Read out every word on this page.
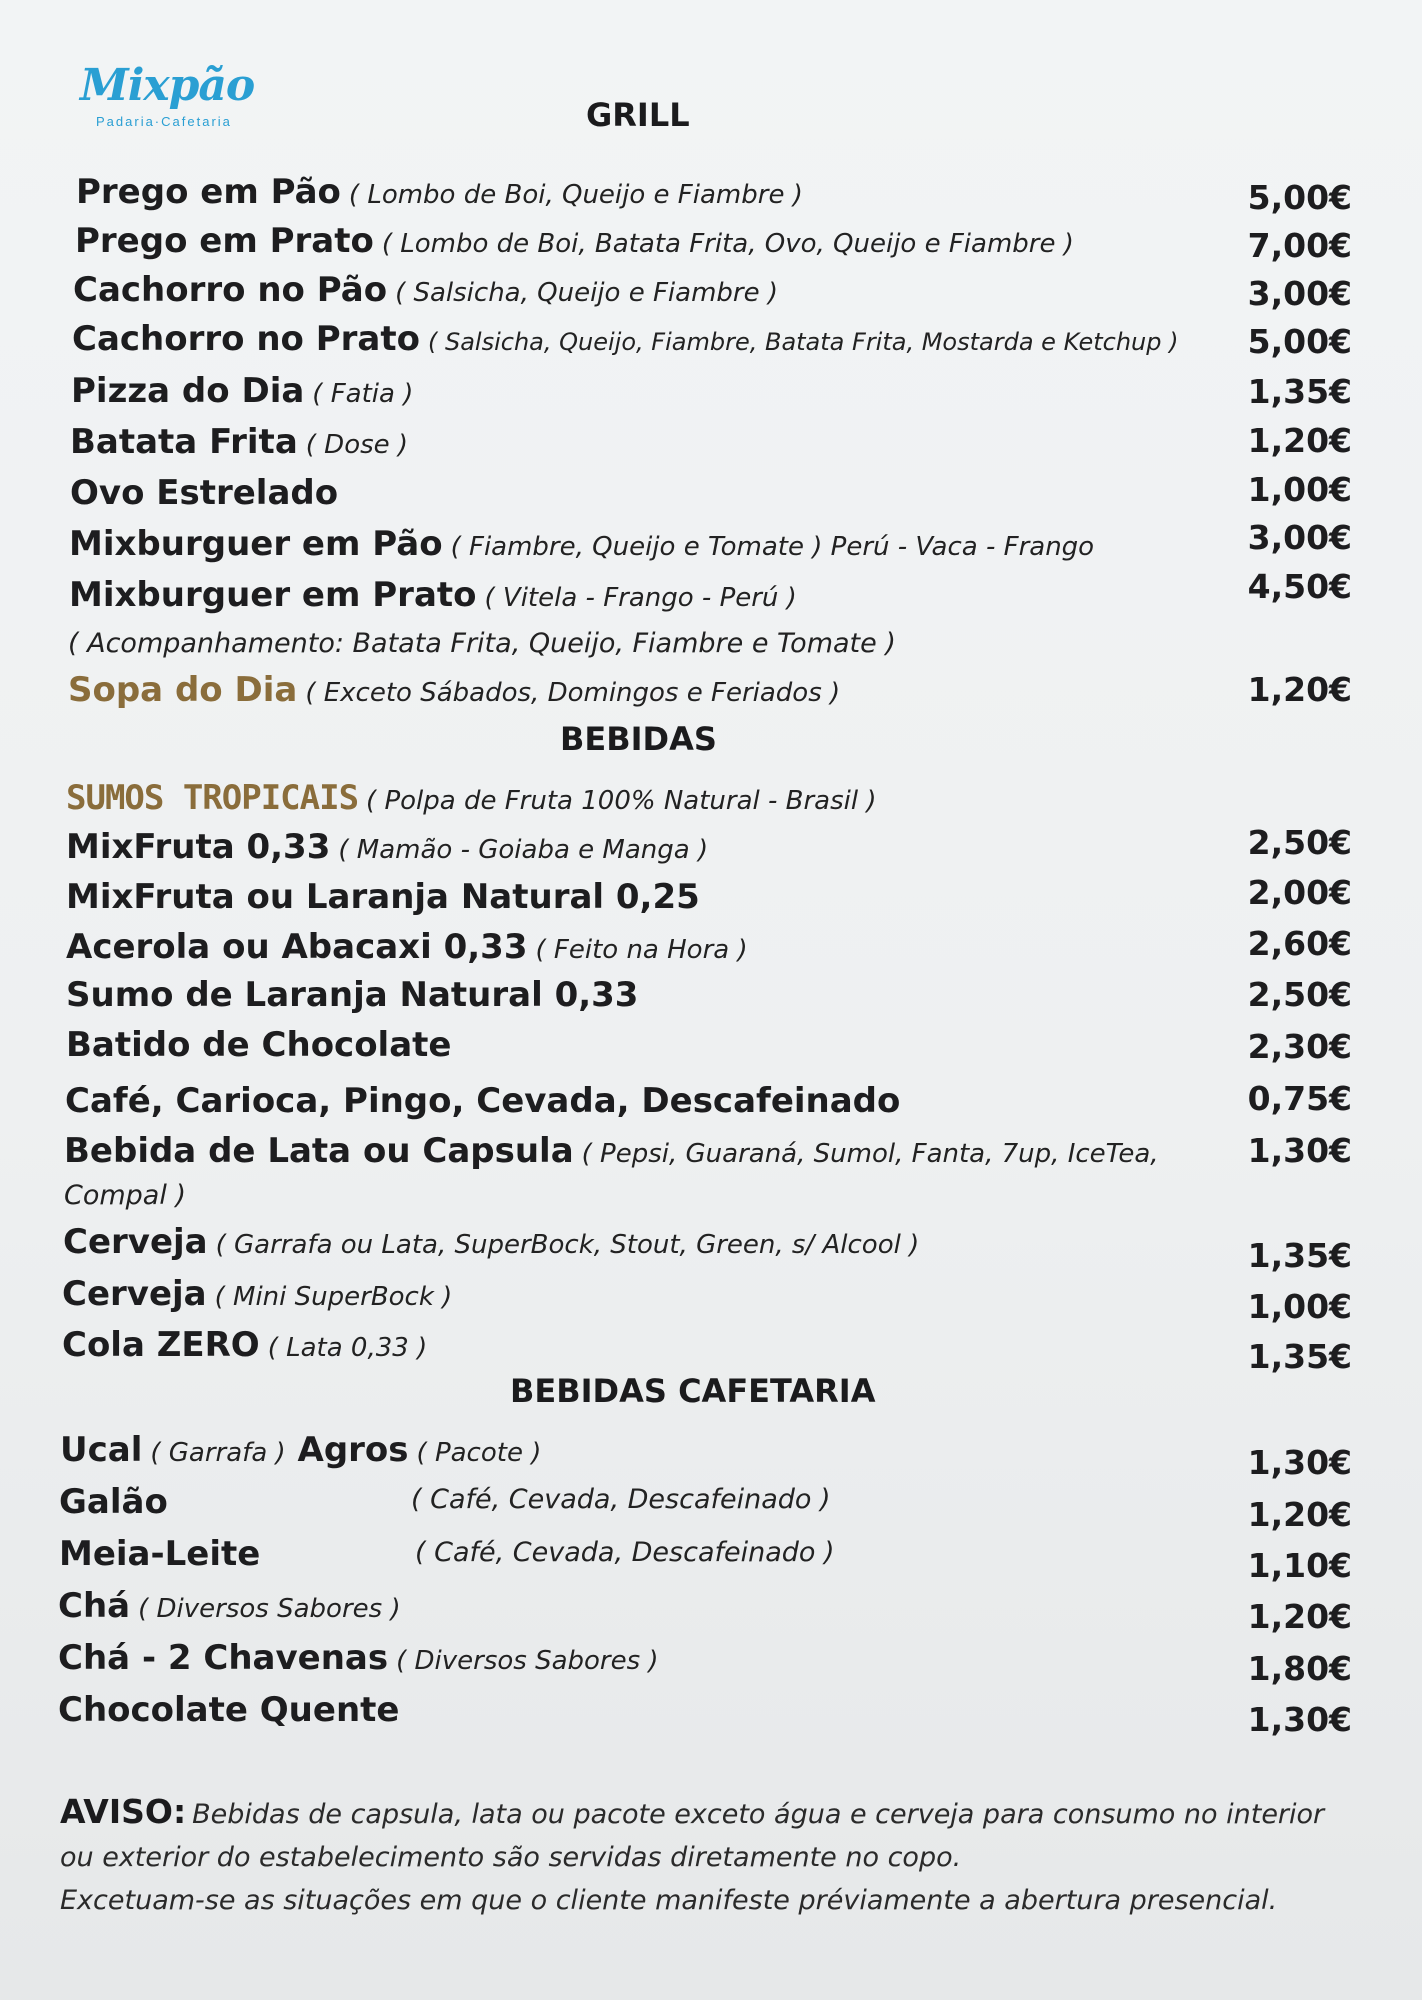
Mixpão
Padaria·Cafetaria	GRILL
Prego em Pão ( Lombo de Boi, Queijo e Fiambre )	5,00€
Prego em Prato ( Lombo de Boi, Batata Frita, Ovo, Queijo e Fiambre )	7,00€
Cachorro no Pão ( Salsicha, Queijo e Fiambre )	3,00€
Cachorro no Prato ( Salsicha, Queijo, Fiambre, Batata Frita, Mostarda e Ketchup ) 5,00€
Pizza do Dia ( Fatia )	1,35€
Batata Frita ( Dose )	1,20€
Ovo Estrelado	1,00€
Mixburguer em Pão ( Fiambre, Queijo e Tomate ) Perú - Vaca - Frango	3,00€
Mixburguer em Prato ( Vitela - Frango - Perú )	4,50€
( Acompanhamento: Batata Frita, Queijo, Fiambre e Tomate )
Sopa do Dia ( Exceto Sábados, Domingos e Feriados )	1,20€
BEBIDAS
SUMOS TROPICAIS ( Polpa de Fruta 100% Natural - Brasil )
MixFruta 0,33 ( Mamão - Goiaba e Manga )	2,50€
MixFruta ou Laranja Natural 0,25	2,00€
Acerola ou Abacaxi 0,33 ( Feito na Hora )	2,60€
Sumo de Laranja Natural 0,33	2,50€
Batido de Chocolate	2,30€
Café, Carioca, Pingo, Cevada, Descafeinado	0,75€
Bebida de Lata ou Capsula ( Pepsi, Guaraná, Sumol, Fanta, 7up, IceTea,	1,30€
Compal )
Cerveja ( Garrafa ou Lata, SuperBock, Stout, Green, s/ Alcool )	1,35€
Cerveja ( Mini SuperBock )	1,00€
Cola ZERO ( Lata 0,33 )	1,35€
BEBIDAS CAFETARIA
Ucal ( Garrafa ) Agros ( Pacote )	1,30€
Galão	( Café, Cevada, Descafeinado )	1,20€
Meia-Leite	( Café, Cevada, Descafeinado )	1,10€
Chá ( Diversos Sabores )	1,20€
Chá - 2 Chavenas ( Diversos Sabores )	1,80€
Chocolate Quente	1,30€
AVISO: Bebidas de capsula, lata ou pacote exceto água e cerveja para consumo no interior ou exterior do estabelecimento são servidas diretamente no copo.
Excetuam-se as situações em que o cliente manifeste préviamente a abertura presencial.
